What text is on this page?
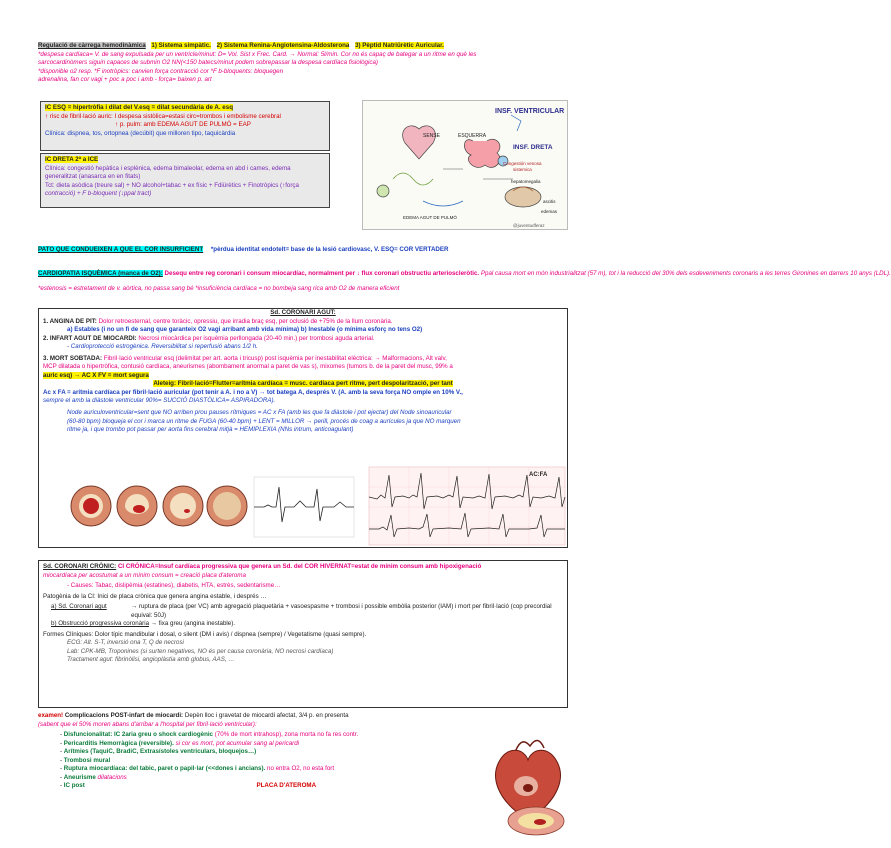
Regulació de càrrega hemodinàmica 1) Sistema simpàtic. 2) Sistema Renina-Angiotensina-Aldosterona 3) Pèptid Natriürètic Auricular.
*despesa cardíaca= V. de sang expulsada per un ventricle/minut: D= Vol. Sist x Frec. Card. → Normal: 5l/min. Cor no és capaç de bategar a un ritme en què les
sarcocardinòmers siguin capaces de submin O2 NN(<150 batecs/minut podem sobrepassar la despesa cardíaca fisiològica)
*disponible o2 resp. *F inotròpics: canvien força contracció cor *F b-bloquents: bloquegen
adrenalina, fan cor vagi + poc a poc i amb - força= baixen p. art
IC ESQ = hipertròfia i dilat del V.esq = dilat secundària de A. esq
↑ risc de fibril·lació auric: I despesa sistòlica=estasi circ=trombos i embolisme cerebral
↑ p. pulm: amb EDEMA AGUT DE PULMÓ = EAP
Clínica: dispnea, tos, ortopnea (decúbit) que milloren tipo, taquicàrdia
IC DRETA 2ª a ICE
Clínica: congestió hepàtica i esplènica, edema bimaleolar, edema en abd i cames, edema
generalitzat (anasarca en en fitats)
Tct: dieta asòdica (treure sal) + NO alcohol+tabac + ex físic + Fdiürètics + Finotròpics (↑força
contracció) + F b-bloquent (↓ppal tract)
INSF. VENTRICULAR
INSF. DRETA
SENSE	ESQUERRA
EDEMA AGUT DE PULMÓ
Congestión venosa
sistemica
hepatomegalia
ascitis
edemas
@juventudferaz
PATO QUE CONDUEIXEN A QUE EL COR INSURFICIENT *pèrdua identitat endotelt= base de la lesió cardiovasc, V. ESQ= COR VERTADER
CARDIOPATIA ISQUÈMICA (manca de O2): Desequ entre reg coronari i consum miocardíac, normalment per ↓ flux coronari obstructiu arterioscleròtic. Ppal causa mort en món industrialitzat (57 m), tot i la reducció del 30% dels esdeveniments coronaris a les terres Gironines en darrers 10 anys (LDL).
*estenosis = estretament de v. aòrtica, no passa sang bé *insuficiència cardíaca = no bombeja sang rica amb O2 de manera eficient
Sd. CORONARI AGUT:
1. ANGINA DE PIT: Dolor retroesternal, centre toràcic, opressiu, que irradia braç esq, per oclusió de +75% de la llum coronària.
a) Estables (i no un fi de sang que garanteix O2 vagi arribant amb vida mínima) b) Inestable (o mínima esforç no tens O2)
2. INFART AGUT DE MIOCARDI: Necrosi miocàrdica per isquèmia perllongada (20-40 min.) per trombosi aguda arterial.
- Cardioprotecció estrogènica. Reversibilitat si reperfusió abans 1/2 h.
3. MORT SOBTADA: Fibril·lació ventricular esq (delimitat per art. aorta i tricusp) post isquèmia per inestabilitat elèctrica: → Malformacions, Alt valv,
MCP dilatada o hipertròfica, contusió cardíaca, aneurismes (abombament anormal a paret de vas s), mixomes (tumors b. de la paret del musc, 99% a
auric esq) → AC X FV = mort segura
Aleteig: Fibril·lació=Flutter=arítmia cardíaca = musc. cardíaca pert ritme, pert despolarització, per tant
Ac x FA = arítmia cardíaca per fibril·lació auricular (pot tenir a A. i no a V) → tot batega A, després V. (A. amb la seva força NO omple en 10% V.,
sempre el amb la diàstole ventricular 90%= SUCCIÓ DIASTÒLICA= ASPIRADORA).
Node auriculoventricular=sent que NO arriben prou pauses rítmiques = AC x FA (amb les que fa diàstole i pot ejectar) del Node sinoauricular
(60-80 bpm) bloqueja el cor i marca un ritme de FUGA (60-40 bpm) + LENT = MILLOR → perill, procés de coag a aurícules ja que NO marquen
ritme ja, i que trombo pot passar per aorta fins cerebral mitjà = HEMIPLEXIA (NNs intrum, anticoagulant)
AC:FA
Sd. CORONARI CRÒNIC: CI CRÒNICA=Insuf cardíaca progressiva que genera un Sd. del COR HIVERNAT=estat de mínim consum amb hipoxigenació
miocardíaca per acostumat a un mínim consum = creació placa d'ateroma
- Causes: Tabac, dislipèmia (estatines), diabetis, HTA, estrès, sedentarisme…
Patogènia de la CI: Inici de placa crònica que genera angina estable, i després …
a) Sd. Coronari agut	→ ruptura de placa (per VC) amb agregació plaquetària + vasoespasme + trombosi i possible embòlia posterior (IAM) i mort per fibril·lació (cop precordial equival: 50J)
b) Obstrucció progressiva coronària → fixa greu (angina inestable).
Formes Clíniques: Dolor típic mandibular i dosal, o silent (DM i avis) / dispnea (sempre) / Vegetatisme (quasi sempre).
ECG: Alt. S-T, inversió ona T, Q de necrosi
Lab: CPK-MB, Troponines (si surten negatives, NO és per causa coronària, NO necrosi cardíaca)
Tractament agut: fibrinòlisi, angioplàstia amb globus, AAS, …
examen! Complicacions POST-infart de miocardi: Depèn lloc i gravetat de miocardi afectat, 3/4 p. en presenta
(sabent que el 50% moren abans d'arribar a l'hospital per fibril·lació ventricular):
- Disfuncionalitat: IC 2aria greu o shock cardiogènic (70% de mort intrahosp), zona morta no fa res contr.
- Pericarditis Hemorràgica (reversible). si cor es mort, pot acumular sang al pericardi
- Arítmies (TaquiC, BradiC, Extrasístoles ventriculars, bloquejos…)
- Trombosi mural
- Ruptura miocardíaca: del tabic, paret o papil·lar (<<dones i ancians). no entra O2, no esta fort
- Aneurisme dilatacions
- IC post	PLACA D'ATEROMA
